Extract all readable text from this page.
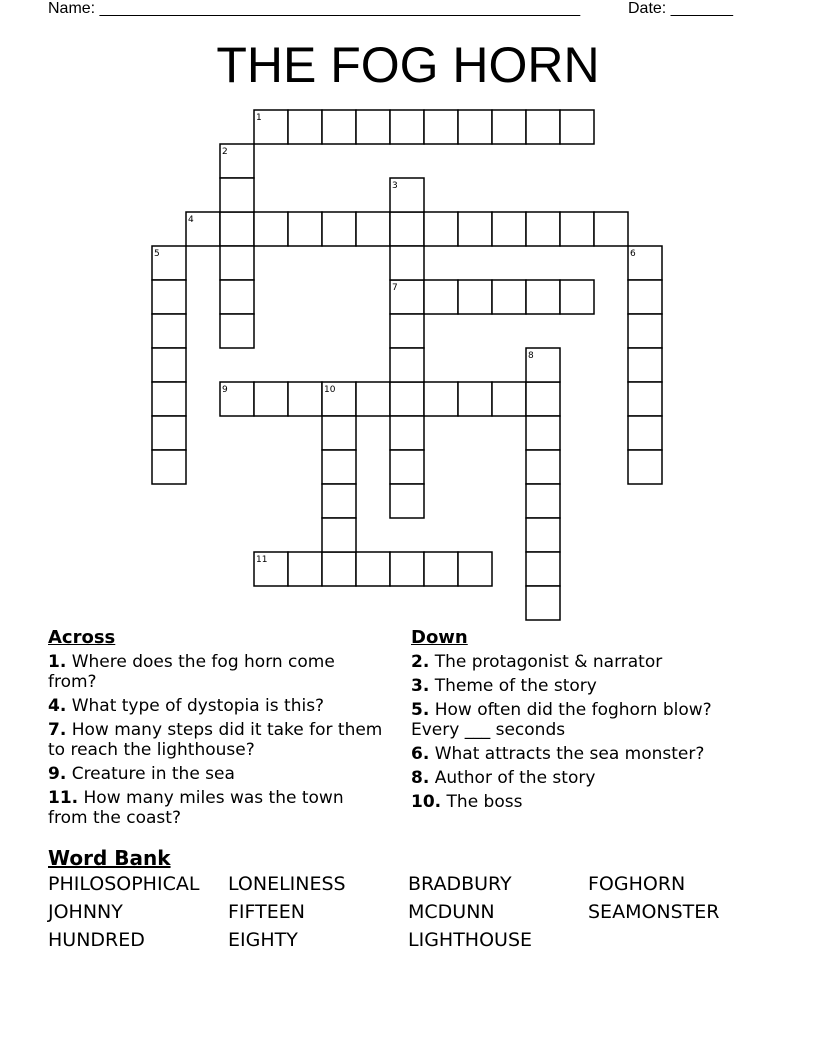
Name: ______________________________________________________	Date: _______
THE FOG HORN
1
4
7
9	10
11
2
3
5	6
8
Across
1. Where does the fog horn come from?
4. What type of dystopia is this?
7. How many steps did it take for them to reach the lighthouse?
9. Creature in the sea
11. How many miles was the town from the coast?
Down
2. The protagonist & narrator
3. Theme of the story
5. How often did the foghorn blow? Every ___ seconds
6. What attracts the sea monster?
8. Author of the story
10. The boss
Word Bank
PHILOSOPHICAL	LONELINESS	BRADBURY	FOGHORN
JOHNNY	FIFTEEN	MCDUNN	SEAMONSTER
HUNDRED	EIGHTY	LIGHTHOUSE
